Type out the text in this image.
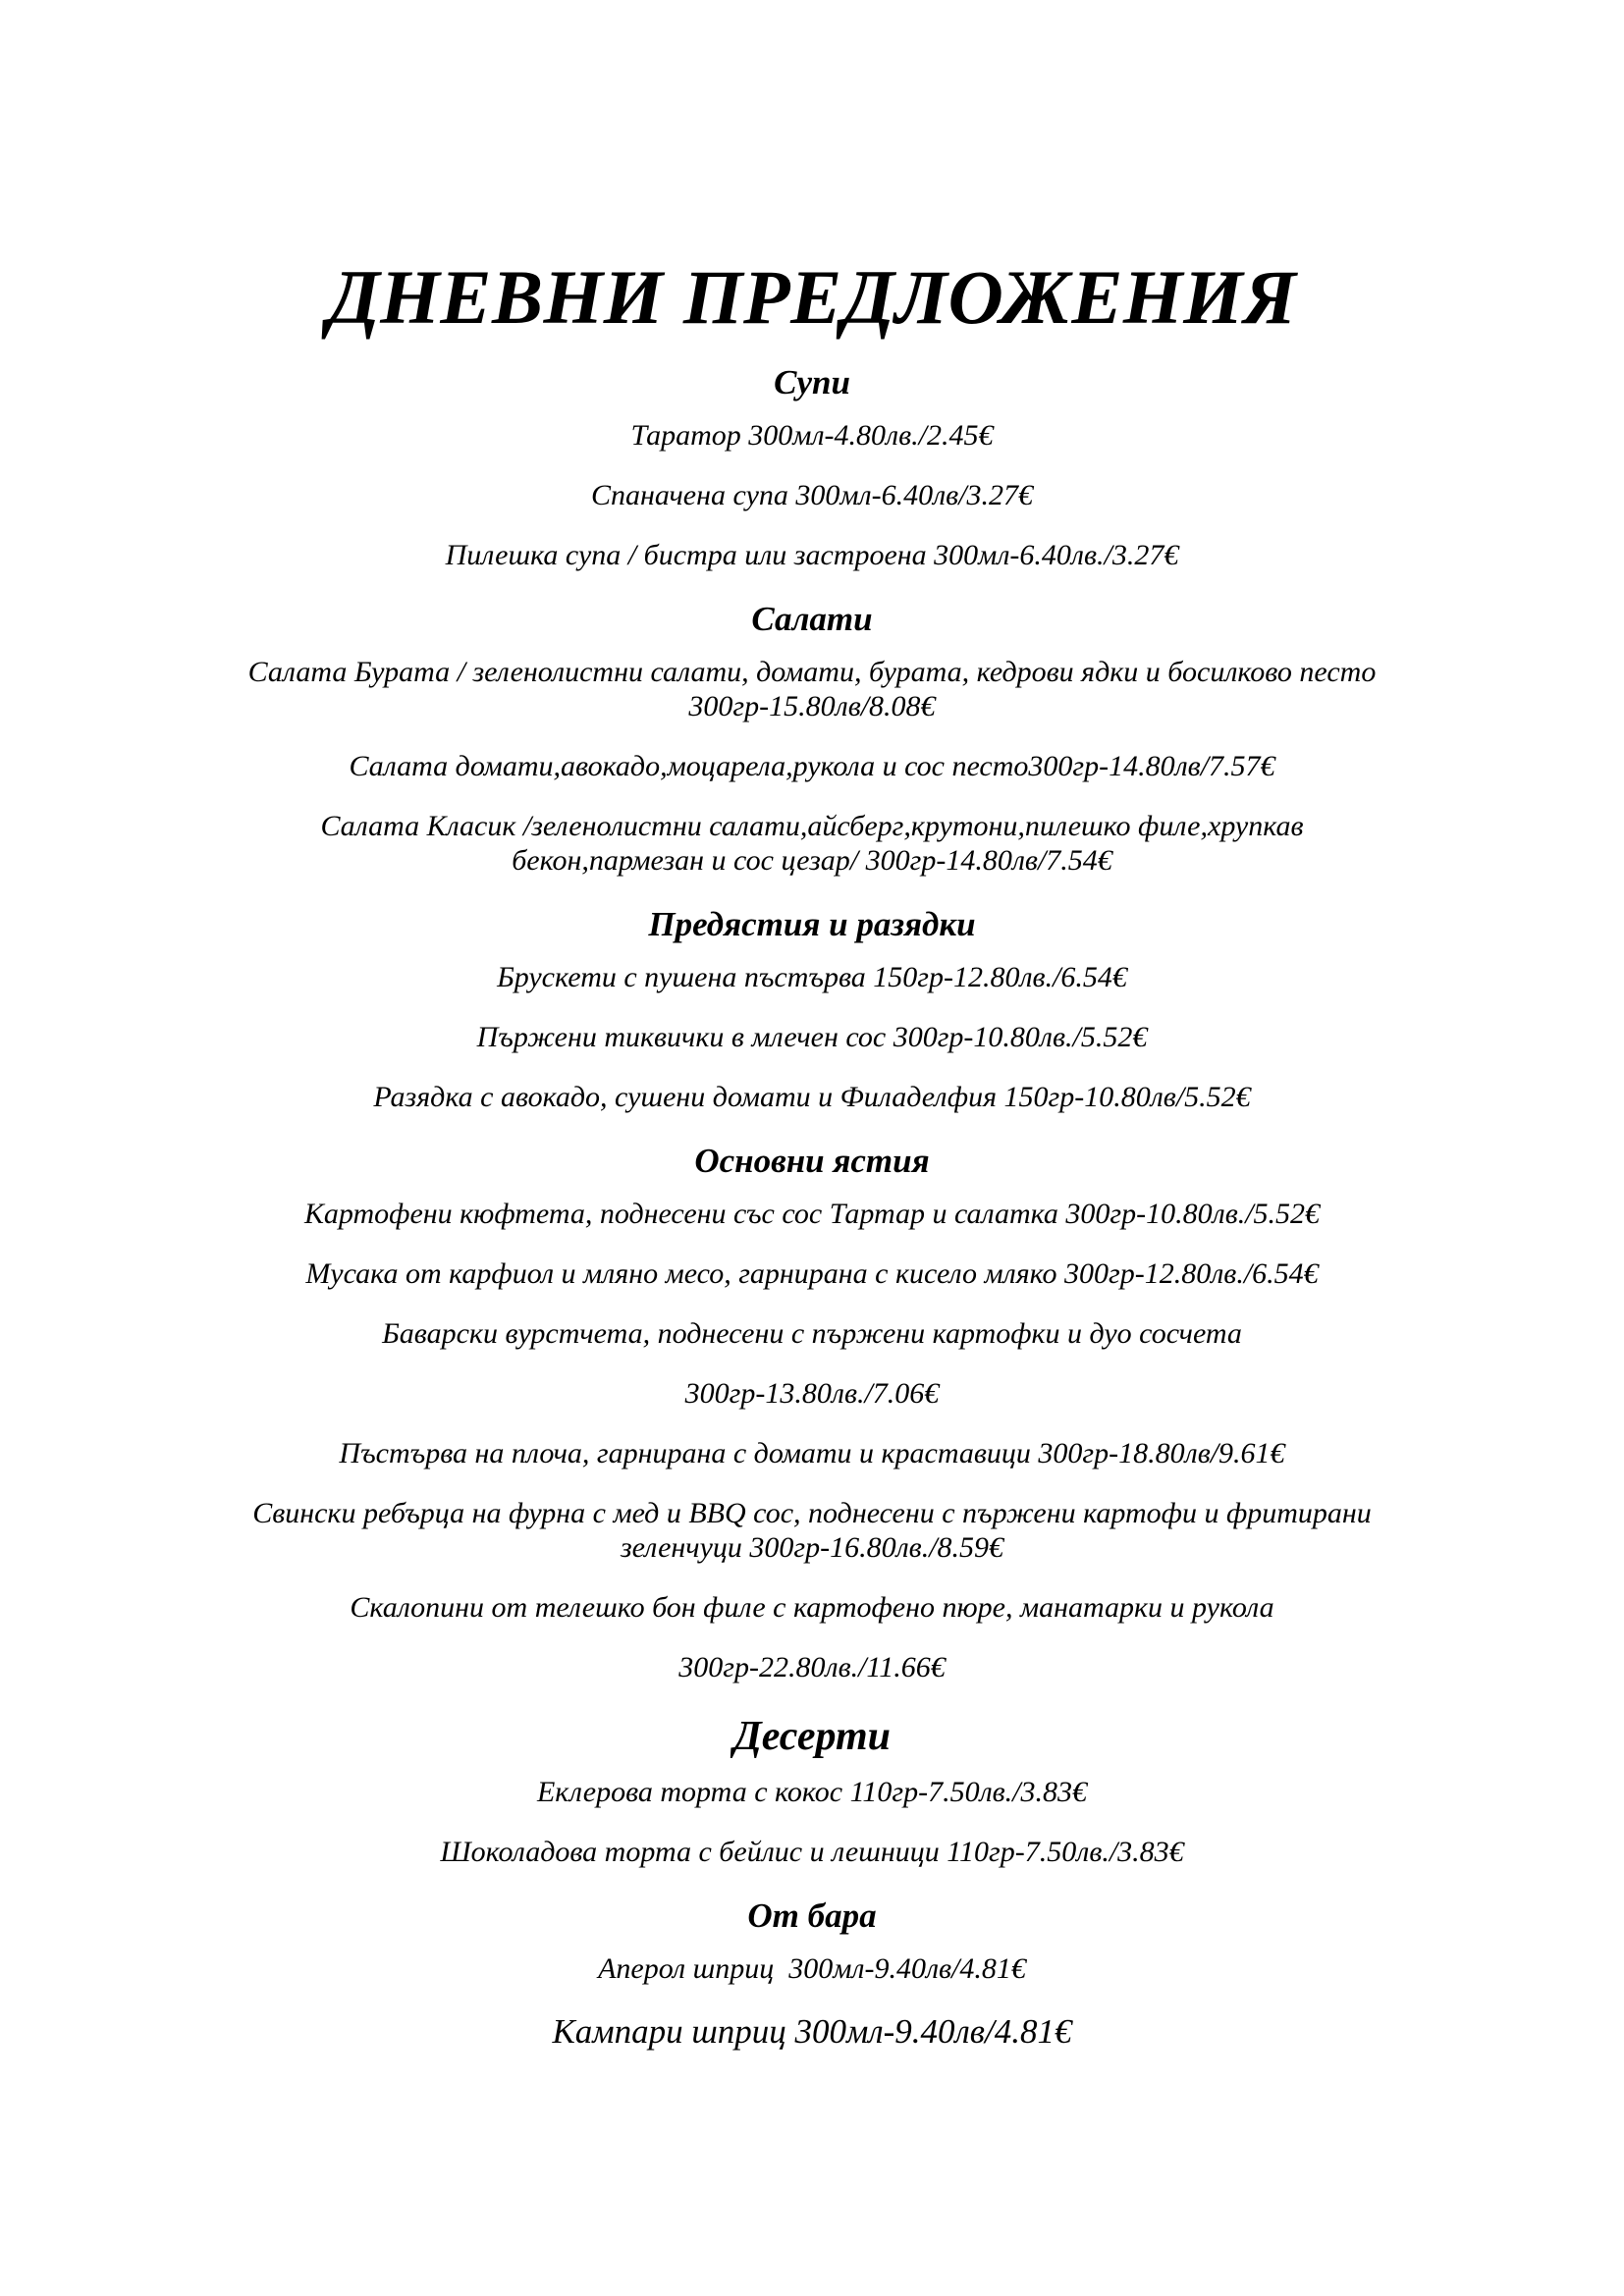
ДНЕВНИ ПРЕДЛОЖЕНИЯ
Супи
Таратор 300мл-4.80лв./2.45€
Спаначена супа 300мл-6.40лв/3.27€
Пилешка супа / бистра или застроена 300мл-6.40лв./3.27€
Салати
Салата Бурата / зеленолистни салати, домати, бурата, кедрови ядки и босилково песто 300гр-15.80лв/8.08€
Салата домати,авокадо,моцарела,рукола и сос песто300гр-14.80лв/7.57€
Салата Класик /зеленолистни салати,айсберг,крутони,пилешко филе,хрупкав бекон,пармезан и сос цезар/ 300гр-14.80лв/7.54€
Предястия и разядки
Брускети с пушена пъстърва 150гр-12.80лв./6.54€
Пържени тиквички в млечен сос 300гр-10.80лв./5.52€
Разядка с авокадо, сушени домати и Филаделфия 150гр-10.80лв/5.52€
Основни ястия
Картофени кюфтета, поднесени със сос Тартар и салатка 300гр-10.80лв./5.52€
Мусака от карфиол и мляно месо, гарнирана с кисело мляко 300гр-12.80лв./6.54€
Баварски вурстчета, поднесени с пържени картофки и дуо сосчета
300гр-13.80лв./7.06€
Пъстърва на плоча, гарнирана с домати и краставици 300гр-18.80лв/9.61€
Свински ребърца на фурна с мед и BBQ сос, поднесени с пържени картофи и фритирани зеленчуци 300гр-16.80лв./8.59€
Скалопини от телешко бон филе с картофено пюре, манатарки и рукола
300гр-22.80лв./11.66€
Десерти
Еклерова торта с кокос 110гр-7.50лв./3.83€
Шоколадова торта с бейлис и лешници 110гр-7.50лв./3.83€
От бара
Аперол шприц  300мл-9.40лв/4.81€
Кампари шприц 300мл-9.40лв/4.81€
